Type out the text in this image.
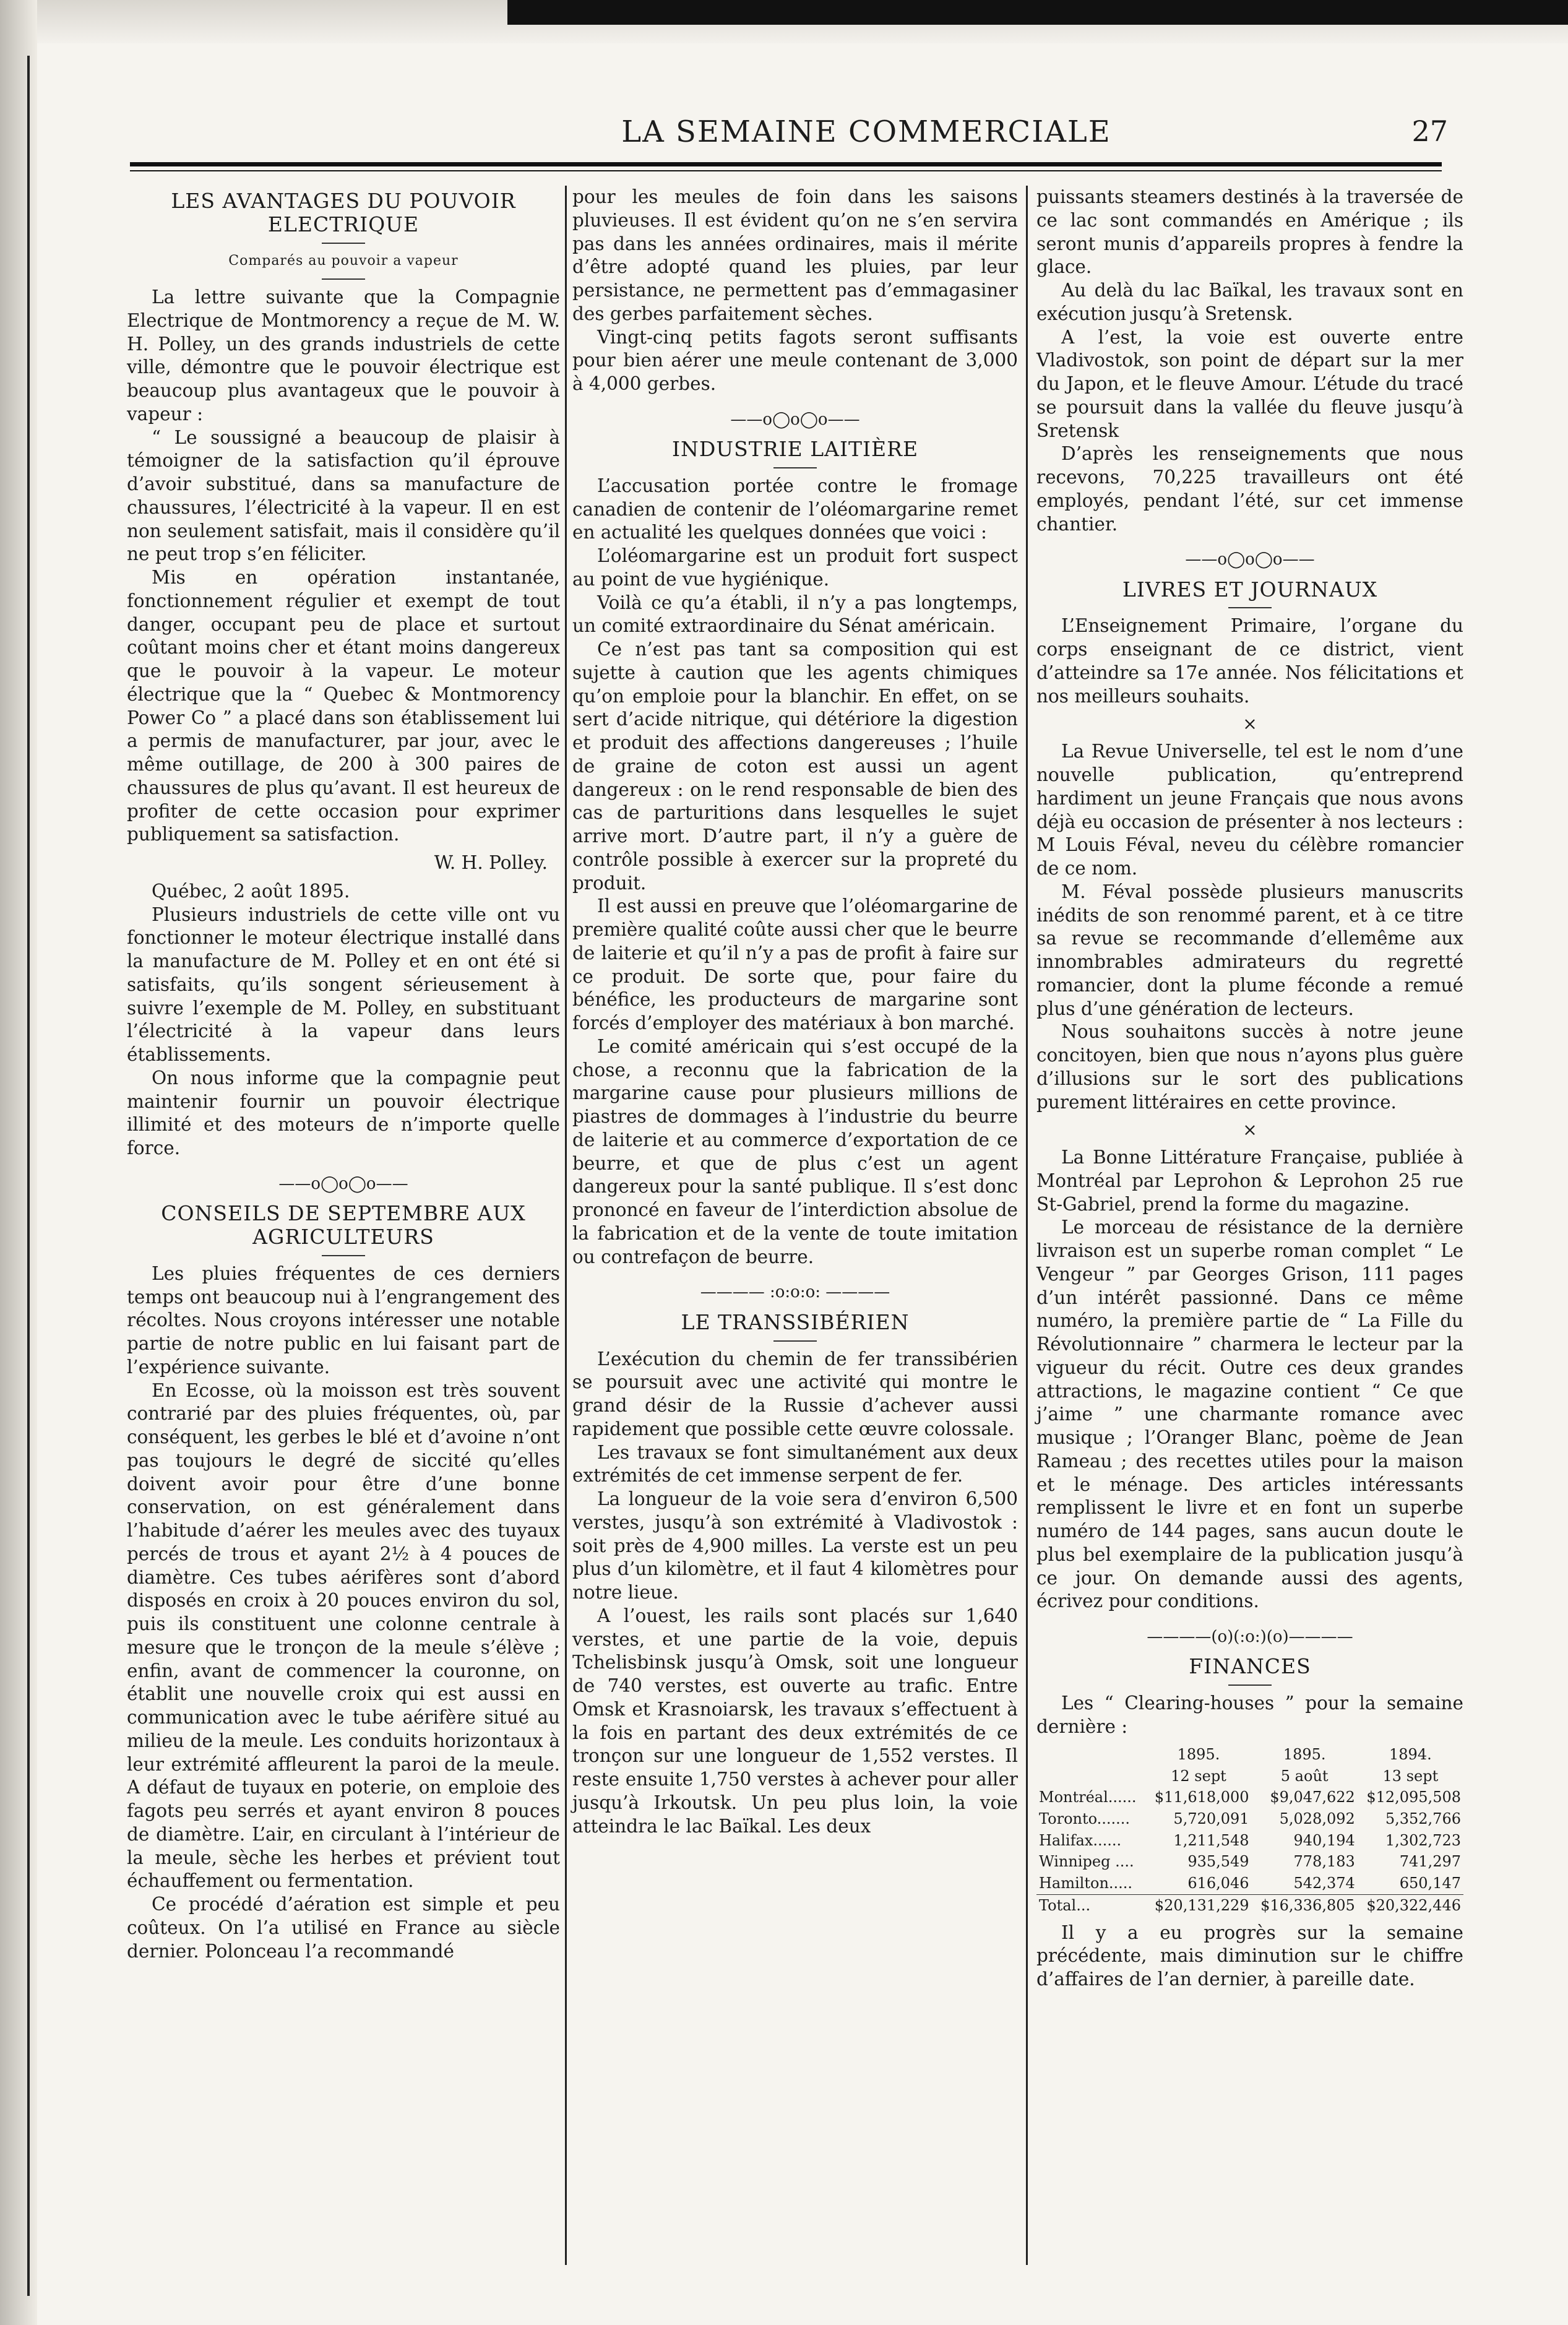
LA SEMAINE COMMERCIALE	27
LES AVANTAGES DU POUVOIR ELECTRIQUE
Comparés au pouvoir a vapeur

La lettre suivante que la Compagnie Electrique de Montmorency a reçue de M. W. H. Polley, un des grands industriels de cette ville, démontre que le pouvoir électrique est beaucoup plus avantageux que le pouvoir à vapeur :

“ Le soussigné a beaucoup de plaisir à témoigner de la satisfaction qu’il éprouve d’avoir substitué, dans sa manufacture de chaussures, l’électricité à la vapeur. Il en est non seulement satisfait, mais il considère qu’il ne peut trop s’en féliciter.

Mis en opération instantanée, fonctionnement régulier et exempt de tout danger, occupant peu de place et surtout coûtant moins cher et étant moins dangereux que le pouvoir à la vapeur. Le moteur électrique que la “ Quebec & Montmorency Power Co ” a placé dans son établissement lui a permis de manufacturer, par jour, avec le même outillage, de 200 à 300 paires de chaussures de plus qu’avant. Il est heureux de profiter de cette occasion pour exprimer publiquement sa satisfaction.

W. H. Polley.

Québec, 2 août 1895.

Plusieurs industriels de cette ville ont vu fonctionner le moteur électrique installé dans la manufacture de M. Polley et en ont été si satisfaits, qu’ils songent sérieusement à suivre l’exemple de M. Polley, en substituant l’électricité à la vapeur dans leurs établissements.

On nous informe que la compagnie peut maintenir fournir un pouvoir électrique illimité et des moteurs de n’importe quelle force.

——o◯o◯o——
CONSEILS DE SEPTEMBRE AUX AGRICULTEURS

Les pluies fréquentes de ces derniers temps ont beaucoup nui à l’engrangement des récoltes. Nous croyons intéresser une notable partie de notre public en lui faisant part de l’expérience suivante.

En Ecosse, où la moisson est très souvent contrarié par des pluies fréquentes, où, par conséquent, les gerbes le blé et d’avoine n’ont pas toujours le degré de siccité qu’elles doivent avoir pour être d’une bonne conservation, on est généralement dans l’habitude d’aérer les meules avec des tuyaux percés de trous et ayant 2½ à 4 pouces de diamètre. Ces tubes aérifères sont d’abord disposés en croix à 20 pouces environ du sol, puis ils constituent une colonne centrale à mesure que le tronçon de la meule s’élève ; enfin, avant de commencer la couronne, on établit une nouvelle croix qui est aussi en communication avec le tube aérifère situé au milieu de la meule. Les conduits horizontaux à leur extrémité affleurent la paroi de la meule. A défaut de tuyaux en poterie, on emploie des fagots peu serrés et ayant environ 8 pouces de diamètre. L’air, en circulant à l’intérieur de la meule, sèche les herbes et prévient tout échauffement ou fermentation.

Ce procédé d’aération est simple et peu coûteux. On l’a utilisé en France au siècle dernier. Polonceau l’a recommandé

pour les meules de foin dans les saisons pluvieuses. Il est évident qu’on ne s’en servira pas dans les années ordinaires, mais il mérite d’être adopté quand les pluies, par leur persistance, ne permettent pas d’emmagasiner des gerbes parfaitement sèches.

Vingt-cinq petits fagots seront suffisants pour bien aérer une meule contenant de 3,000 à 4,000 gerbes.

——o◯o◯o——
INDUSTRIE LAITIÈRE

L’accusation portée contre le fromage canadien de contenir de l’oléomargarine remet en actualité les quelques données que voici :

L’oléomargarine est un produit fort suspect au point de vue hygiénique.

Voilà ce qu’a établi, il n’y a pas longtemps, un comité extraordinaire du Sénat américain.

Ce n’est pas tant sa composition qui est sujette à caution que les agents chimiques qu’on emploie pour la blanchir. En effet, on se sert d’acide nitrique, qui détériore la digestion et produit des affections dangereuses ; l’huile de graine de coton est aussi un agent dangereux : on le rend responsable de bien des cas de parturitions dans lesquelles le sujet arrive mort. D’autre part, il n’y a guère de contrôle possible à exercer sur la propreté du produit.

Il est aussi en preuve que l’oléomargarine de première qualité coûte aussi cher que le beurre de laiterie et qu’il n’y a pas de profit à faire sur ce produit. De sorte que, pour faire du bénéfice, les producteurs de margarine sont forcés d’employer des matériaux à bon marché.

Le comité américain qui s’est occupé de la chose, a reconnu que la fabrication de la margarine cause pour plusieurs millions de piastres de dommages à l’industrie du beurre de laiterie et au commerce d’exportation de ce beurre, et que de plus c’est un agent dangereux pour la santé publique. Il s’est donc prononcé en faveur de l’interdiction absolue de la fabrication et de la vente de toute imitation ou contrefaçon de beurre.

———— :o:o:o: ————
LE TRANSSIBÉRIEN

L’exécution du chemin de fer transsibérien se poursuit avec une activité qui montre le grand désir de la Russie d’achever aussi rapidement que possible cette œuvre colossale.

Les travaux se font simultanément aux deux extrémités de cet immense serpent de fer.

La longueur de la voie sera d’environ 6,500 verstes, jusqu’à son extrémité à Vladivostok : soit près de 4,900 milles. La verste est un peu plus d’un kilomètre, et il faut 4 kilomètres pour notre lieue.

A l’ouest, les rails sont placés sur 1,640 verstes, et une partie de la voie, depuis Tchelisbinsk jusqu’à Omsk, soit une longueur de 740 verstes, est ouverte au trafic. Entre Omsk et Krasnoiarsk, les travaux s’effectuent à la fois en partant des deux extrémités de ce tronçon sur une longueur de 1,552 verstes. Il reste ensuite 1,750 verstes à achever pour aller jusqu’à Irkoutsk. Un peu plus loin, la voie atteindra le lac Baïkal. Les deux

puissants steamers destinés à la traversée de ce lac sont commandés en Amérique ; ils seront munis d’appareils propres à fendre la glace.

Au delà du lac Baïkal, les travaux sont en exécution jusqu’à Sretensk.

A l’est, la voie est ouverte entre Vladivostok, son point de départ sur la mer du Japon, et le fleuve Amour. L’étude du tracé se poursuit dans la vallée du fleuve jusqu’à Sretensk

D’après les renseignements que nous recevons, 70,225 travailleurs ont été employés, pendant l’été, sur cet immense chantier.

——o◯o◯o——
LIVRES ET JOURNAUX

L’Enseignement Primaire, l’organe du corps enseignant de ce district, vient d’atteindre sa 17e année. Nos félicitations et nos meilleurs souhaits.

×

La Revue Universelle, tel est le nom d’une nouvelle publication, qu’entreprend hardiment un jeune Français que nous avons déjà eu occasion de présenter à nos lecteurs : M Louis Féval, neveu du célèbre romancier de ce nom.

M. Féval possède plusieurs manuscrits inédits de son renommé parent, et à ce titre sa revue se recommande d’ellemême aux innombrables admirateurs du regretté romancier, dont la plume féconde a remué plus d’une génération de lecteurs.

Nous souhaitons succès à notre jeune concitoyen, bien que nous n’ayons plus guère d’illusions sur le sort des publications purement littéraires en cette province.

×

La Bonne Littérature Française, publiée à Montréal par Leprohon & Leprohon 25 rue St-Gabriel, prend la forme du magazine.

Le morceau de résistance de la dernière livraison est un superbe roman complet “ Le Vengeur ” par Georges Grison, 111 pages d’un intérêt passionné. Dans ce même numéro, la première partie de “ La Fille du Révolutionnaire ” charmera le lecteur par la vigueur du récit. Outre ces deux grandes attractions, le magazine contient “ Ce que j’aime ” une charmante romance avec musique ; l’Oranger Blanc, poème de Jean Rameau ; des recettes utiles pour la maison et le ménage. Des articles intéressants remplissent le livre et en font un superbe numéro de 144 pages, sans aucun doute le plus bel exemplaire de la publication jusqu’à ce jour. On demande aussi des agents, écrivez pour conditions.

————(o)(:o:)(o)————
FINANCES

Les “ Clearing-houses ” pour la semaine dernière :

	1895.	1895.	1894.
	12 sept	5 août	13 sept
Montréal......	$11,618,000	$9,047,622	$12,095,508
Toronto.......	5,720,091	5,028,092	5,352,766
Halifax......	1,211,548	940,194	1,302,723
Winnipeg ....	935,549	778,183	741,297
Hamilton.....	616,046	542,374	650,147
Total...	$20,131,229	$16,336,805	$20,322,446

Il y a eu progrès sur la semaine précédente, mais diminution sur le chiffre d’affaires de l’an dernier, à pareille date.
